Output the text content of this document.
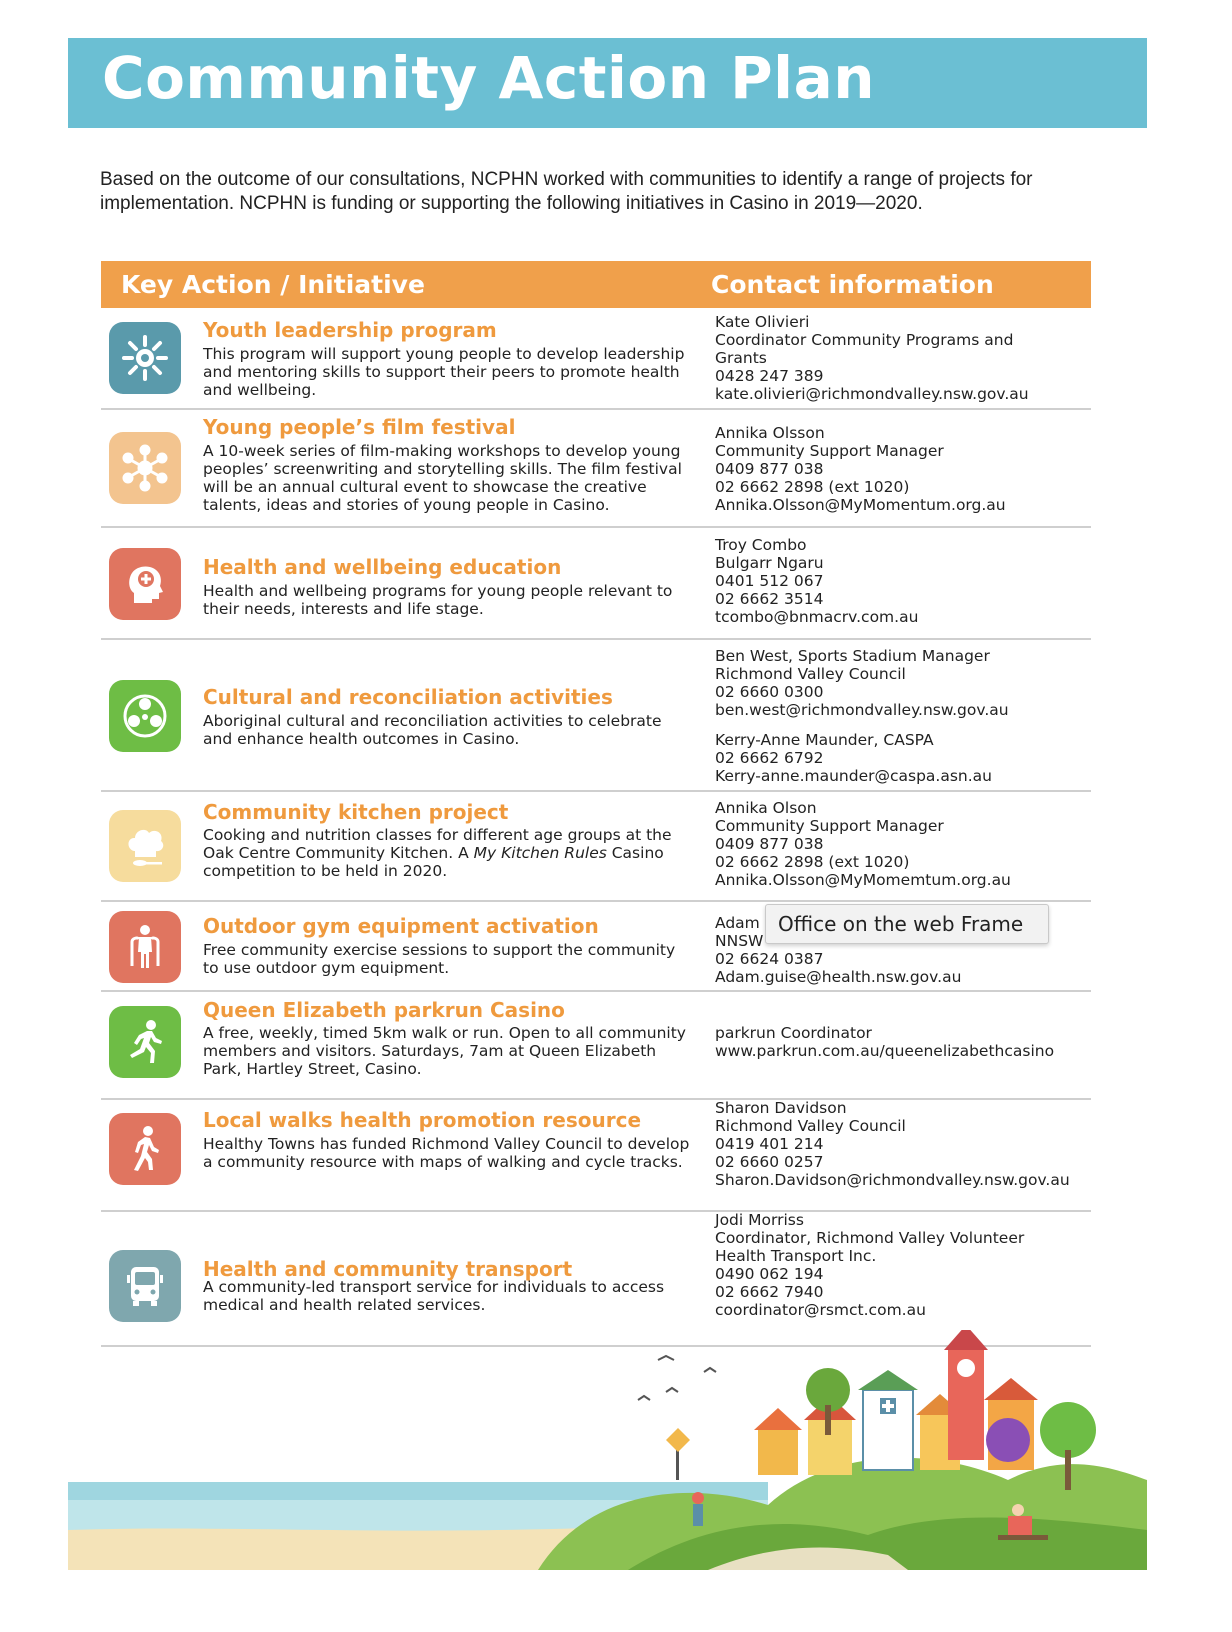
Community Action Plan

Based on the outcome of our consultations, NCPHN worked with communities to identify a range of projects for implementation. NCPHN is funding or supporting the following initiatives in Casino in 2019—2020.

Key Action / Initiative	Contact information
Youth leadership program
This program will support young people to develop leadership and mentoring skills to support their peers to promote health and wellbeing.
Kate Olivieri
Coordinator Community Programs and
Grants
0428 247 389
kate.olivieri@richmondvalley.nsw.gov.au
Young people’s film festival
A 10-week series of film-making workshops to develop young peoples’ screenwriting and storytelling skills. The film festival will be an annual cultural event to showcase the creative talents, ideas and stories of young people in Casino.
Annika Olsson
Community Support Manager
0409 877 038
02 6662 2898 (ext 1020)
Annika.Olsson@MyMomentum.org.au
Health and wellbeing education
Health and wellbeing programs for young people relevant to their needs, interests and life stage.
Troy Combo
Bulgarr Ngaru
0401 512 067
02 6662 3514
tcombo@bnmacrv.com.au
Cultural and reconciliation activities
Aboriginal cultural and reconciliation activities to celebrate and enhance health outcomes in Casino.
Ben West, Sports Stadium Manager
Richmond Valley Council
02 6660 0300
ben.west@richmondvalley.nsw.gov.au
Kerry-Anne Maunder, CASPA
02 6662 6792
Kerry-anne.maunder@caspa.asn.au
Community kitchen project
Cooking and nutrition classes for different age groups at the Oak Centre Community Kitchen. A My Kitchen Rules Casino competition to be held in 2020.
Annika Olson
Community Support Manager
0409 877 038
02 6662 2898 (ext 1020)
Annika.Olsson@MyMomemtum.org.au
Outdoor gym equipment activation
Free community exercise sessions to support the community to use outdoor gym equipment.
Adam
NNSW
02 6624 0387
Adam.guise@health.nsw.gov.au
Queen Elizabeth parkrun Casino
A free, weekly, timed 5km walk or run. Open to all community members and visitors. Saturdays, 7am at Queen Elizabeth Park, Hartley Street, Casino.
parkrun Coordinator
www.parkrun.com.au/queenelizabethcasino
Local walks health promotion resource
Healthy Towns has funded Richmond Valley Council to develop a community resource with maps of walking and cycle tracks.
Sharon Davidson
Richmond Valley Council
0419 401 214
02 6660 0257
Sharon.Davidson@richmondvalley.nsw.gov.au
Health and community transport
A community-led transport service for individuals to access medical and health related services.
Jodi Morriss
Coordinator, Richmond Valley Volunteer
Health Transport Inc.
0490 062 194
02 6662 7940
coordinator@rsmct.com.au
Office on the web Frame
